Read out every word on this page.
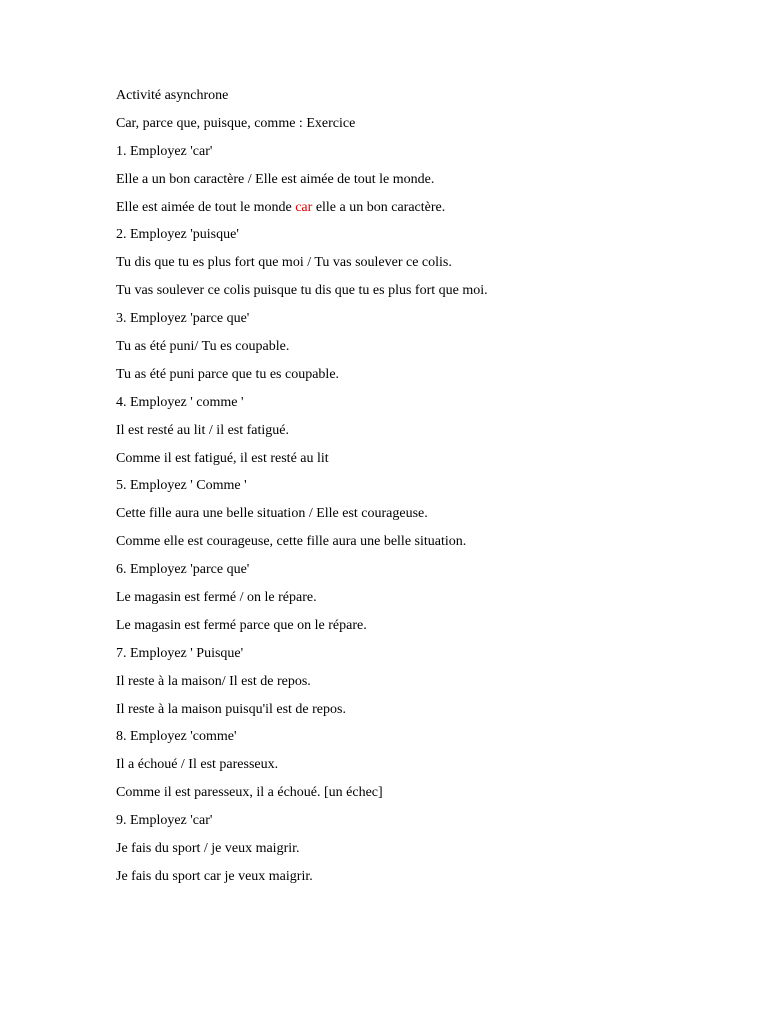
Activité asynchrone
Car, parce que, puisque, comme : Exercice
1. Employez 'car'
Elle a un bon caractère / Elle est aimée de tout le monde.
Elle est aimée de tout le monde car elle a un bon caractère.
2. Employez 'puisque'
Tu dis que tu es plus fort que moi / Tu vas soulever ce colis.
Tu vas soulever ce colis puisque tu dis que tu es plus fort que moi.
3. Employez 'parce que'
Tu as été puni/ Tu es coupable.
Tu as été puni parce que tu es coupable.
4. Employez ' comme '
Il est resté au lit / il est fatigué.
Comme il est fatigué, il est resté au lit
5. Employez ' Comme '
Cette fille aura une belle situation / Elle est courageuse.
Comme elle est courageuse, cette fille aura une belle situation.
6. Employez 'parce que'
Le magasin est fermé / on le répare.
Le magasin est fermé parce que on le répare.
7. Employez ' Puisque'
Il reste à la maison/ Il est de repos.
Il reste à la maison puisqu'il est de repos.
8. Employez 'comme'
Il a échoué / Il est paresseux.
Comme il est paresseux, il a échoué. [un échec]
9. Employez 'car'
Je fais du sport / je veux maigrir.
Je fais du sport car je veux maigrir.
